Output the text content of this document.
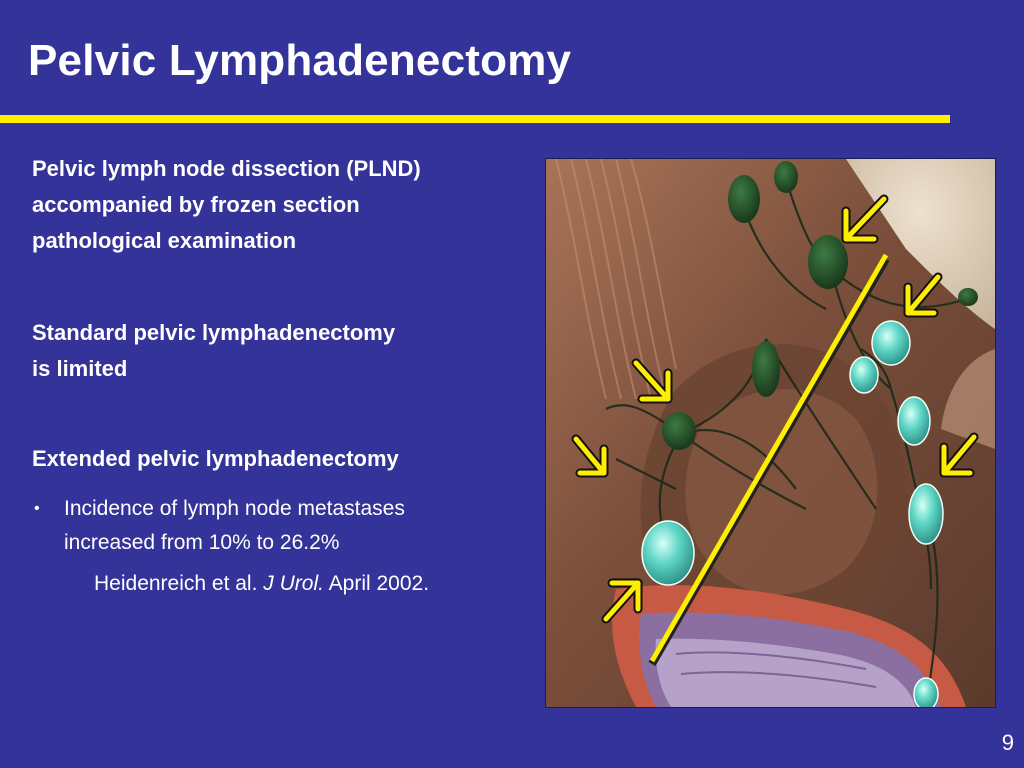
Pelvic Lymphadenectomy
Pelvic lymph node dissection (PLND)
accompanied by frozen section
pathological examination
Standard pelvic lymphadenectomy
is limited
Extended pelvic lymphadenectomy
•	Incidence of lymph node metastases
increased from 10% to 26.2%
Heidenreich et al. J Urol. April 2002.
9
